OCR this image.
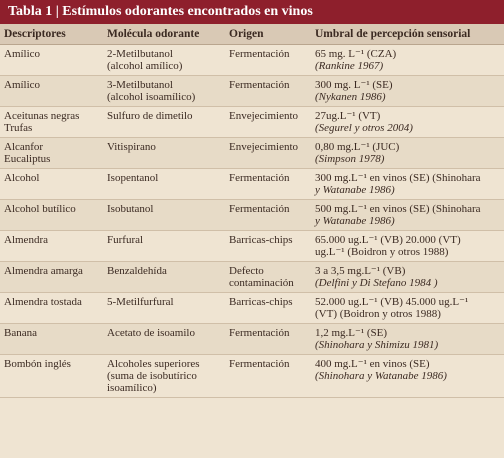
Tabla 1 | Estímulos odorantes encontrados en vinos
Descriptores	Molécula odorante	Origen	Umbral de percepción sensorial

Amílico	2-Metilbutanol
(alcohol amílico)	Fermentación	65 mg. L⁻¹ (CZA)
(Rankine 1967)

Amílico	3-Metilbutanol
(alcohol isoamílico)	Fermentación	300 mg. L⁻¹ (SE)
(Nykanen 1986)

Aceitunas negras
Trufas	Sulfuro de dimetilo	Envejecimiento	27ug.L⁻¹ (VT)
(Segurel y otros 2004)

Alcanfor
Eucaliptus	Vitispirano	Envejecimiento	0,80 mg.L⁻¹ (JUC)
(Simpson 1978)

Alcohol	Isopentanol	Fermentación	300 mg.L⁻¹ en vinos (SE) (Shinohara
y Watanabe 1986)

Alcohol butílico	Isobutanol	Fermentación	500 mg.L⁻¹ en vinos (SE) (Shinohara
y Watanabe 1986)

Almendra	Furfural	Barricas-chips	65.000 ug.L⁻¹ (VB) 20.000 (VT)
ug.L⁻¹ (Boidron y otros 1988)

Almendra amarga	Benzaldehída	Defecto
contaminación	3 a 3,5 mg.L⁻¹ (VB)
(Delfini y Di Stefano 1984 )

Almendra tostada	5-Metilfurfural	Barricas-chips	52.000 ug.L⁻¹ (VB) 45.000 ug.L⁻¹
(VT) (Boidron y otros 1988)

Banana	Acetato de isoamilo	Fermentación	1,2 mg.L⁻¹ (SE)
(Shinohara y Shimizu 1981)

Bombón inglés	Alcoholes superiores
(suma de isobutírico
isoamílico)	Fermentación	400 mg.L⁻¹ en vinos (SE)
(Shinohara y Watanabe 1986)
